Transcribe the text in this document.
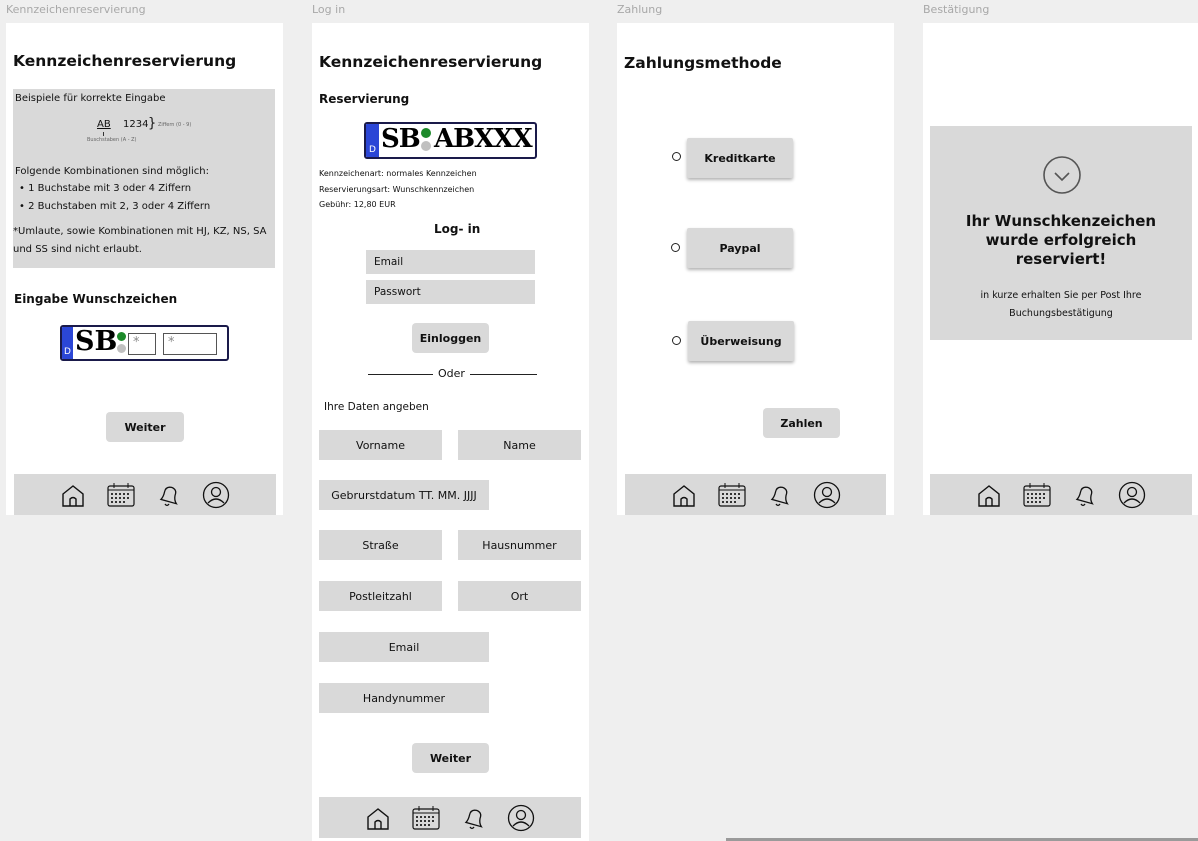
Kennzeichenreservierung	Log in	Zahlung	Bestätigung
Kennzeichenreservierung
Beispiele für korrekte Eingabe
AB 1234 } Ziffern (0 - 9)
Buschstaben (A - Z)
Folgende Kombinationen sind möglich:
• 1 Buchstabe mit 3 oder 4 Ziffern
• 2 Buchstaben mit 2, 3 oder 4 Ziffern
*Umlaute, sowie Kombinationen mit HJ, KZ, NS, SA und SS sind nicht erlaubt.
Eingabe Wunschzeichen
D SB	*	*
Weiter
Kennzeichenreservierung
Reservierung
D SB ABXXX
Kennzeichenart: normales Kennzeichen
Reservierungsart: Wunschkennzeichen
Gebühr: 12,80 EUR
Log- in
Email
Passwort
Einloggen
Oder
Ihre Daten angeben
Vorname	Name
Gebrurstdatum TT. MM. JJJJ
Straße	Hausnummer
Postleitzahl	Ort
Email
Handynummer
Weiter
Zahlungsmethode
Kreditkarte
Paypal
Überweisung
Zahlen
Ihr Wunschkenzeichen wurde erfolgreich reserviert!
in kurze erhalten Sie per Post Ihre
Buchungsbestätigung
